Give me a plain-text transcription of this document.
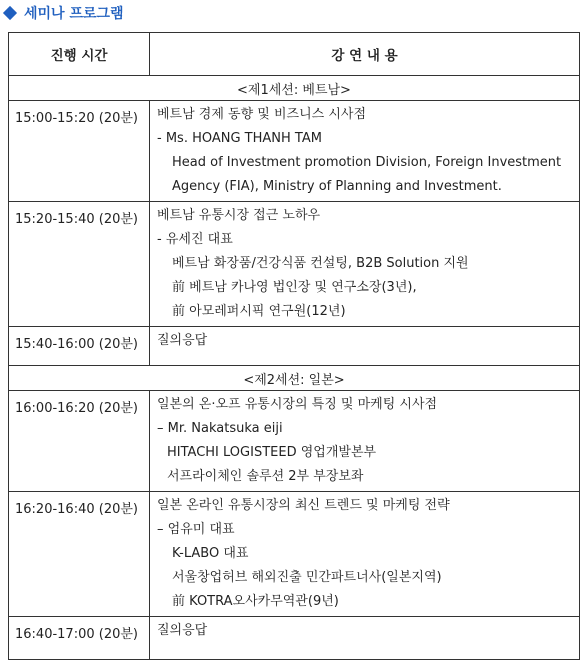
세미나 프로그램
진행 시간	강 연 내 용
<제1세션: 베트남>	
15:00-15:20 (20분)	베트남 경제 동향 및 비즈니스 시사점
- Ms. HOANG THANH TAM
Head of Investment promotion Division, Foreign Investment
Agency (FIA), Ministry of Planning and Investment.

15:20-15:40 (20분)	베트남 유통시장 접근 노하우
- 유세진 대표
베트남 화장품/건강식품 컨설팅, B2B Solution 지원
前 베트남 카나영 법인장 및 연구소장(3년),
前 아모레퍼시픽 연구원(12년)

15:40-16:00 (20분)	질의응답

<제2세션: 일본>	
16:00-16:20 (20분)	일본의 온·오프 유통시장의 특징 및 마케팅 시사점
– Mr. Nakatsuka eiji
HITACHI LOGISTEED 영업개발본부
서프라이체인 솔루션 2부 부장보좌

16:20-16:40 (20분)	일본 온라인 유통시장의 최신 트렌드 및 마케팅 전략
– 엄유미 대표
K-LABO 대표
서울창업허브 해외진출 민간파트너사(일본지역)
前 KOTRA오사카무역관(9년)

16:40-17:00 (20분)	질의응답
